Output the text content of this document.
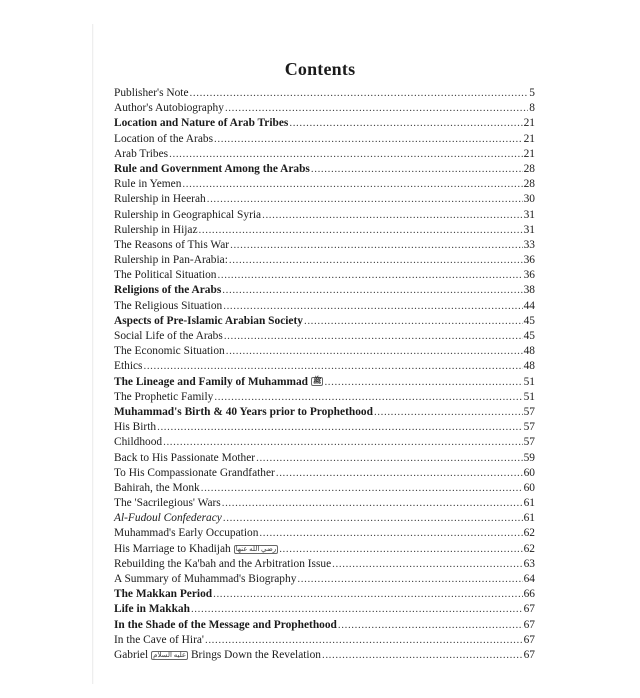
Contents
Publisher's Note .....	5
Author's Autobiography .....	8
Location and Nature of Arab Tribes .....	21
Location of the Arabs .....	21
Arab Tribes .....	21
Rule and Government Among the Arabs .....	28
Rule in Yemen .....	28
Rulership in Heerah .....	30
Rulership in Geographical Syria .....	31
Rulership in Hijaz .....	31
The Reasons of This War .....	33
Rulership in Pan-Arabia: .....	36
The Political Situation .....	36
Religions of the Arabs .....	38
The Religious Situation .....	44
Aspects of Pre-Islamic Arabian Society .....	45
Social Life of the Arabs .....	45
The Economic Situation .....	48
Ethics .....	48
The Lineage and Family of Muhammad ﷺ .....	51
The Prophetic Family .....	51
Muhammad's Birth & 40 Years prior to Prophethood .....	57
His Birth .....	57
Childhood .....	57
Back to His Passionate Mother .....	59
To His Compassionate Grandfather .....	60
Bahirah, the Monk .....	60
The 'Sacrilegious' Wars .....	61
Al-Fudoul Confederacy .....	61
Muhammad's Early Occupation .....	62
His Marriage to Khadijah رضي الله عنها .....	62
Rebuilding the Ka'bah and the Arbitration Issue .....	63
A Summary of Muhammad's Biography .....	64
The Makkan Period .....	66
Life in Makkah .....	67
In the Shade of the Message and Prophethood .....	67
In the Cave of Hira' .....	67
Gabriel عليه السلام Brings Down the Revelation .....	67
